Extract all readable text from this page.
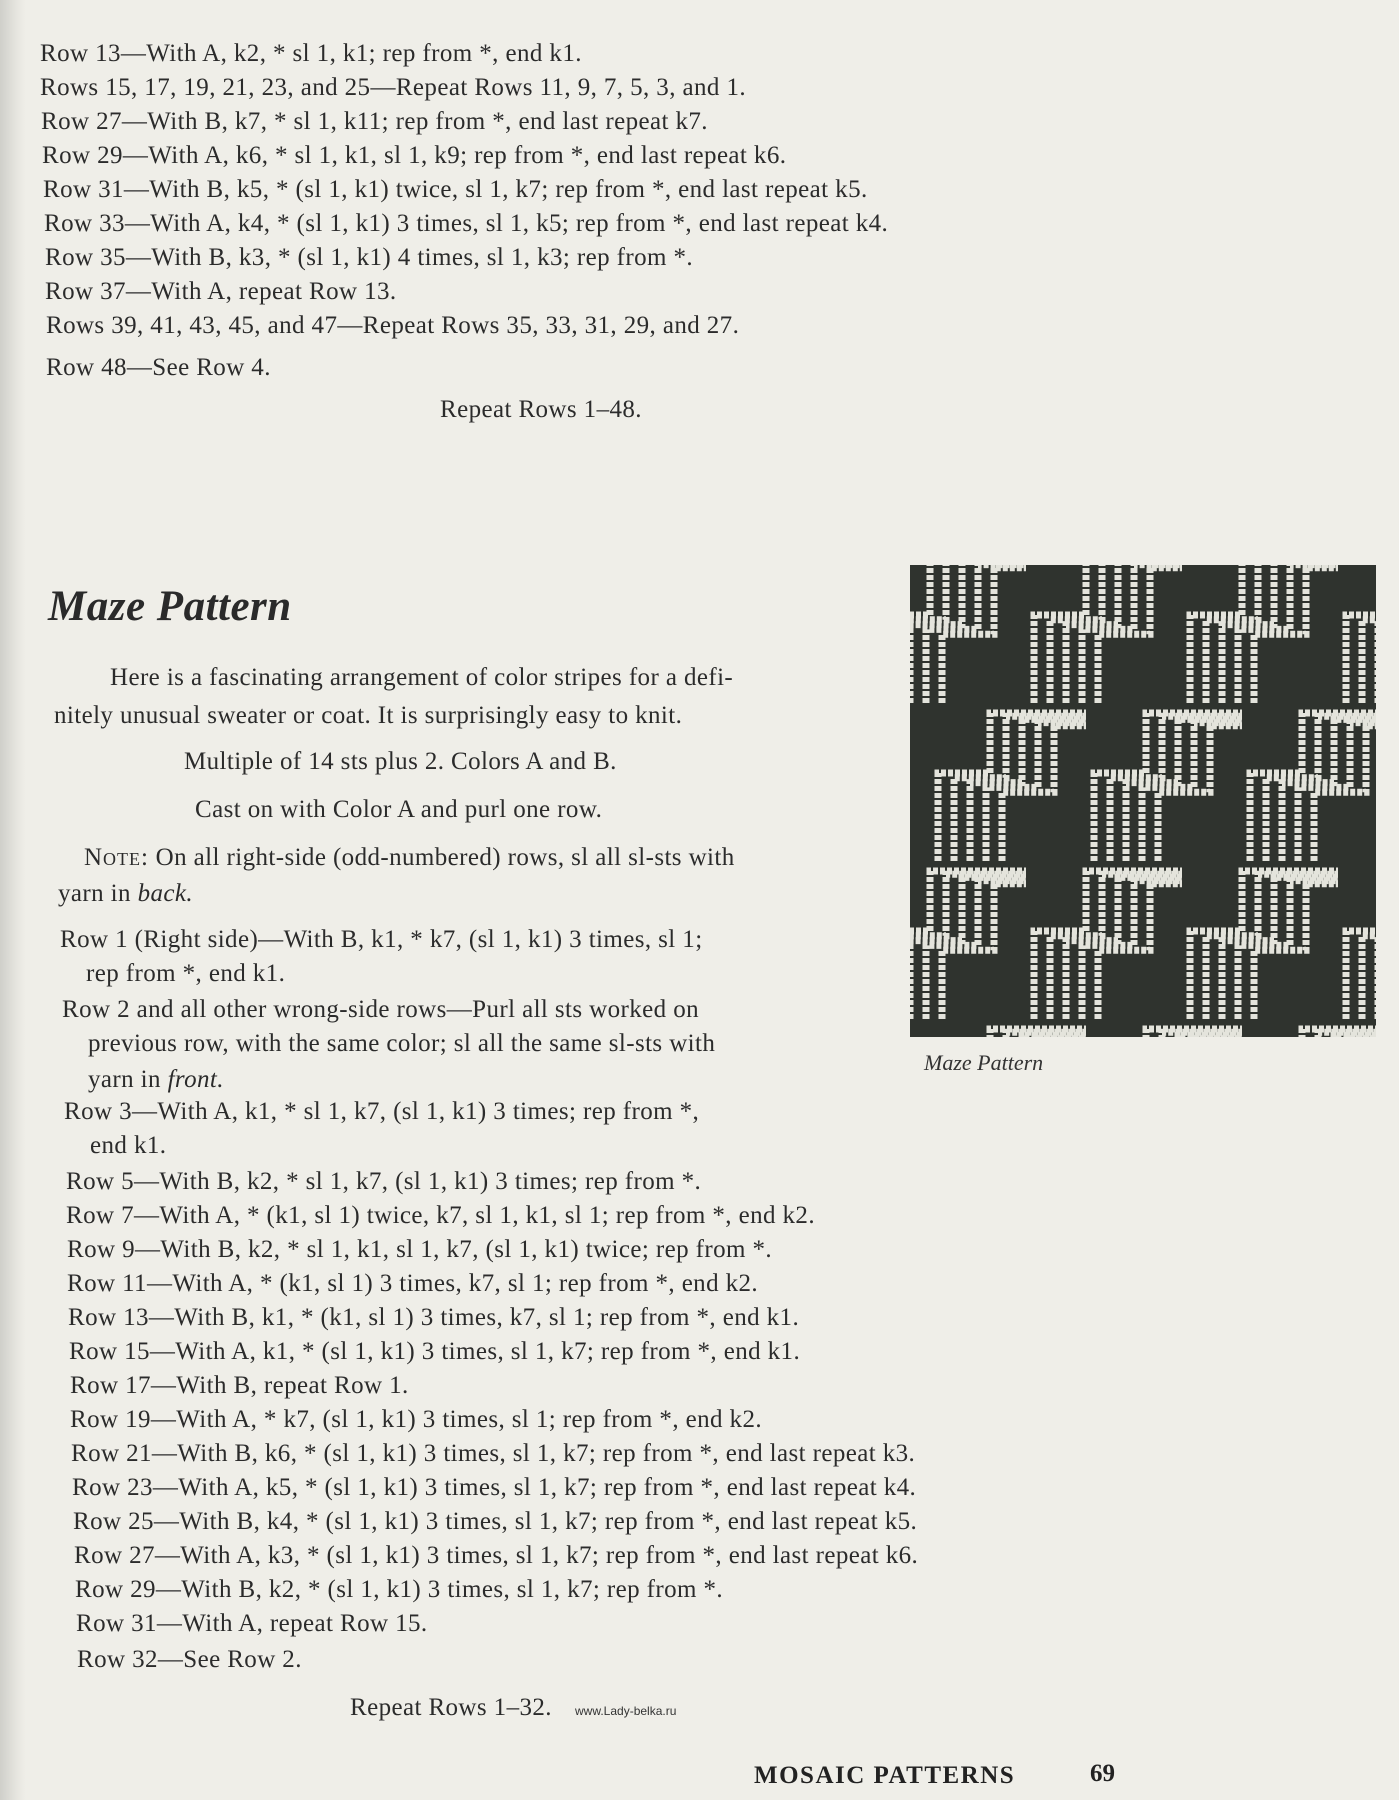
Row 13—With A, k2, * sl 1, k1; rep from *, end k1.
Rows 15, 17, 19, 21, 23, and 25—Repeat Rows 11, 9, 7, 5, 3, and 1.
Row 27—With B, k7, * sl 1, k11; rep from *, end last repeat k7.
Row 29—With A, k6, * sl 1, k1, sl 1, k9; rep from *, end last repeat k6.
Row 31—With B, k5, * (sl 1, k1) twice, sl 1, k7; rep from *, end last repeat k5.
Row 33—With A, k4, * (sl 1, k1) 3 times, sl 1, k5; rep from *, end last repeat k4.
Row 35—With B, k3, * (sl 1, k1) 4 times, sl 1, k3; rep from *.
Row 37—With A, repeat Row 13.
Rows 39, 41, 43, 45, and 47—Repeat Rows 35, 33, 31, 29, and 27.
Row 48—See Row 4.
Repeat Rows 1–48.
Maze Pattern
Here is a fascinating arrangement of color stripes for a defi-
nitely unusual sweater or coat. It is surprisingly easy to knit.
Multiple of 14 sts plus 2. Colors A and B.
Cast on with Color A and purl one row.
Note: On all right-side (odd-numbered) rows, sl all sl-sts with
yarn in back.
Row 1 (Right side)—With B, k1, * k7, (sl 1, k1) 3 times, sl 1;
rep from *, end k1.
Row 2 and all other wrong-side rows—Purl all sts worked on
previous row, with the same color; sl all the same sl-sts with
yarn in front.
Row 3—With A, k1, * sl 1, k7, (sl 1, k1) 3 times; rep from *,
end k1.
Row 5—With B, k2, * sl 1, k7, (sl 1, k1) 3 times; rep from *.
Row 7—With A, * (k1, sl 1) twice, k7, sl 1, k1, sl 1; rep from *, end k2.
Row 9—With B, k2, * sl 1, k1, sl 1, k7, (sl 1, k1) twice; rep from *.
Row 11—With A, * (k1, sl 1) 3 times, k7, sl 1; rep from *, end k2.
Row 13—With B, k1, * (k1, sl 1) 3 times, k7, sl 1; rep from *, end k1.
Row 15—With A, k1, * (sl 1, k1) 3 times, sl 1, k7; rep from *, end k1.
Row 17—With B, repeat Row 1.
Row 19—With A, * k7, (sl 1, k1) 3 times, sl 1; rep from *, end k2.
Row 21—With B, k6, * (sl 1, k1) 3 times, sl 1, k7; rep from *, end last repeat k3.
Row 23—With A, k5, * (sl 1, k1) 3 times, sl 1, k7; rep from *, end last repeat k4.
Row 25—With B, k4, * (sl 1, k1) 3 times, sl 1, k7; rep from *, end last repeat k5.
Row 27—With A, k3, * (sl 1, k1) 3 times, sl 1, k7; rep from *, end last repeat k6.
Row 29—With B, k2, * (sl 1, k1) 3 times, sl 1, k7; rep from *.
Row 31—With A, repeat Row 15.
Row 32—See Row 2.
Repeat Rows 1–32.
Maze Pattern
www.Lady-belka.ru
MOSAIC PATTERNS	69
